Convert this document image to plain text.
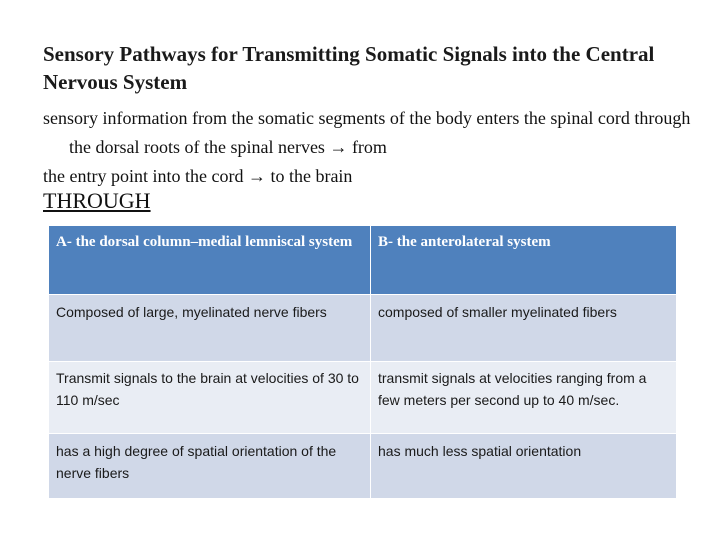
Sensory Pathways for Transmitting Somatic Signals into the Central Nervous System
sensory information from the somatic segments of the body enters the spinal cord through the dorsal roots of the spinal nerves → from
the entry point into the cord → to the brain
THROUGH
A- the dorsal column–medial lemniscal system	B- the anterolateral system
Composed of large, myelinated nerve fibers	composed of smaller myelinated fibers
Transmit signals to the brain at velocities of 30 to 110 m/sec	transmit signals at velocities ranging from a few meters per second up to 40 m/sec.
has a high degree of spatial orientation of the nerve fibers	has much less spatial orientation
